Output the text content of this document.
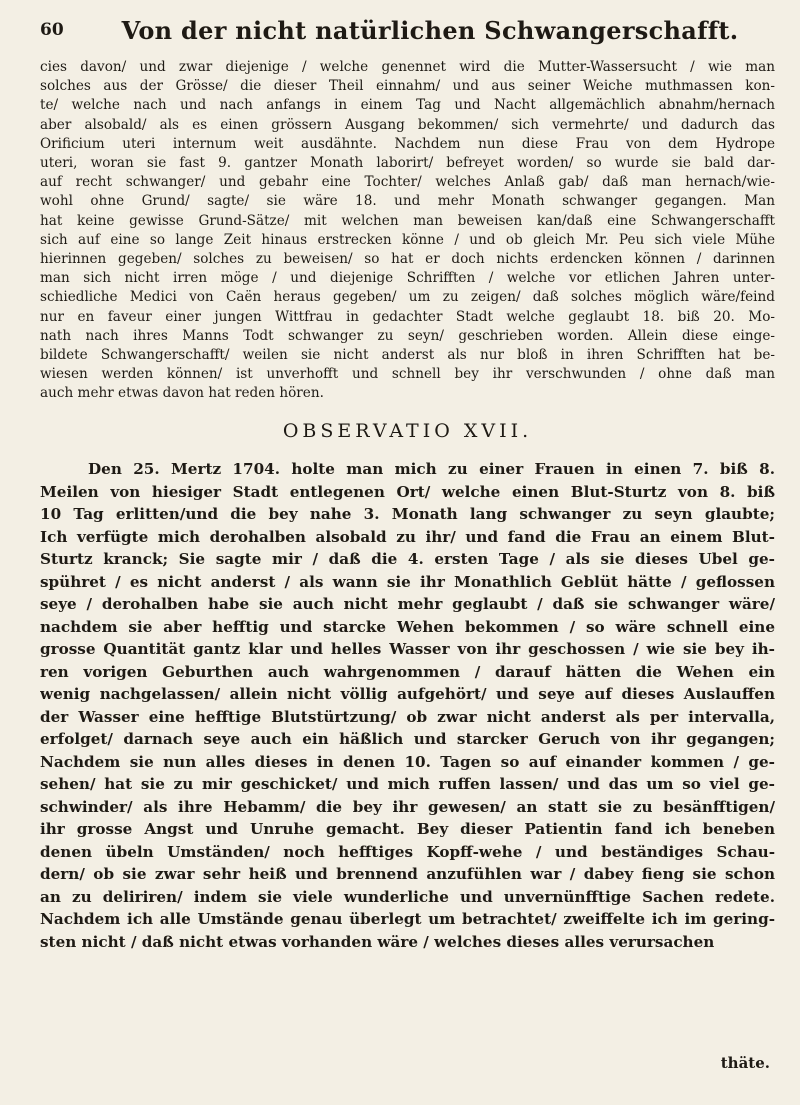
60 Von der nicht natürlichen Schwangerschafft.
cies davon/ und zwar diejenige / welche genennet wird die Mutter-Wassersucht / wie man
solches aus der Grösse/ die dieser Theil einnahm/ und aus seiner Weiche muthmassen kon-
te/ welche nach und nach anfangs in einem Tag und Nacht allgemächlich abnahm/hernach
aber alsobald/ als es einen grössern Ausgang bekommen/ sich vermehrte/ und dadurch das
Orificium uteri internum weit ausdähnte. Nachdem nun diese Frau von dem Hydrope
uteri, woran sie fast 9. gantzer Monath laborirt/ befreyet worden/ so wurde sie bald dar-
auf recht schwanger/ und gebahr eine Tochter/ welches Anlaß gab/ daß man hernach/wie-
wohl ohne Grund/ sagte/ sie wäre 18. und mehr Monath schwanger gegangen. Man
hat keine gewisse Grund-Sätze/ mit welchen man beweisen kan/daß eine Schwangerschafft
sich auf eine so lange Zeit hinaus erstrecken könne / und ob gleich Mr. Peu sich viele Mühe
hierinnen gegeben/ solches zu beweisen/ so hat er doch nichts erdencken können / darinnen
man sich nicht irren möge / und diejenige Schrifften / welche vor etlichen Jahren unter-
schiedliche Medici von Caën heraus gegeben/ um zu zeigen/ daß solches möglich wäre/feind
nur en faveur einer jungen Wittfrau in gedachter Stadt welche geglaubt 18. biß 20. Mo-
nath nach ihres Manns Todt schwanger zu seyn/ geschrieben worden. Allein diese einge-
bildete Schwangerschafft/ weilen sie nicht anderst als nur bloß in ihren Schrifften hat be-
wiesen werden können/ ist unverhofft und schnell bey ihr verschwunden / ohne daß man
auch mehr etwas davon hat reden hören.
OBSERVATIO XVII.
Den 25. Mertz 1704. holte man mich zu einer Frauen in einen 7. biß 8.
Meilen von hiesiger Stadt entlegenen Ort/ welche einen Blut-Sturtz von 8. biß
10 Tag erlitten/und die bey nahe 3. Monath lang schwanger zu seyn glaubte;
Ich verfügte mich derohalben alsobald zu ihr/ und fand die Frau an einem Blut-
Sturtz kranck; Sie sagte mir / daß die 4. ersten Tage / als sie dieses Ubel ge-
spühret / es nicht anderst / als wann sie ihr Monathlich Geblüt hätte / geflossen
seye / derohalben habe sie auch nicht mehr geglaubt / daß sie schwanger wäre/
nachdem sie aber hefftig und starcke Wehen bekommen / so wäre schnell eine
grosse Quantität gantz klar und helles Wasser von ihr geschossen / wie sie bey ih-
ren vorigen Geburthen auch wahrgenommen / darauf hätten die Wehen ein
wenig nachgelassen/ allein nicht völlig aufgehört/ und seye auf dieses Auslauffen
der Wasser eine hefftige Blutstürtzung/ ob zwar nicht anderst als per intervalla,
erfolget/ darnach seye auch ein häßlich und starcker Geruch von ihr gegangen;
Nachdem sie nun alles dieses in denen 10. Tagen so auf einander kommen / ge-
sehen/ hat sie zu mir geschicket/ und mich ruffen lassen/ und das um so viel ge-
schwinder/ als ihre Hebamm/ die bey ihr gewesen/ an statt sie zu besänfftigen/
ihr grosse Angst und Unruhe gemacht. Bey dieser Patientin fand ich beneben
denen übeln Umständen/ noch hefftiges Kopff-wehe / und beständiges Schau-
dern/ ob sie zwar sehr heiß und brennend anzufühlen war / dabey fieng sie schon
an zu deliriren/ indem sie viele wunderliche und unvernünfftige Sachen redete.
Nachdem ich alle Umstände genau überlegt um betrachtet/ zweiffelte ich im gering-
sten nicht / daß nicht etwas vorhanden wäre / welches dieses alles verursachen
thäte.
